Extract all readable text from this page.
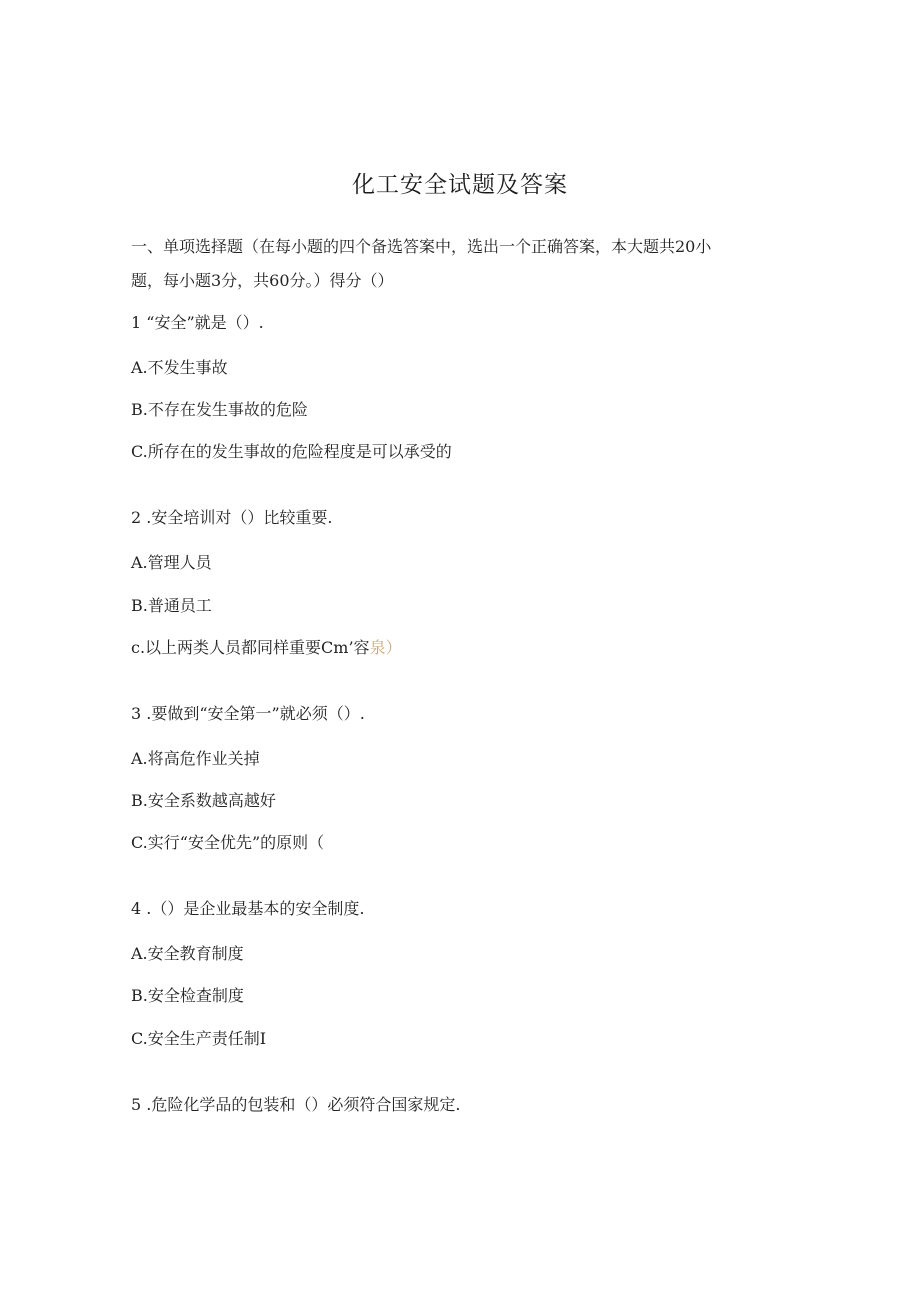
化工安全试题及答案
一、单项选择题（在每小题的四个备选答案中，选出一个正确答案，本大题共20小
题，每小题3分，共60分。）得分（）
1 “安全”就是（）.
A.不发生事故
B.不存在发生事故的危险
C.所存在的发生事故的危险程度是可以承受的
2 .安全培训对（）比较重要.
A.管理人员
B.普通员工
c.以上两类人员都同样重要Cm’容泉）
3 .要做到“安全第一”就必须（）.
A.将高危作业关掉
B.安全系数越高越好
C.实行“安全优先”的原则（
4 .（）是企业最基本的安全制度.
A.安全教育制度
B.安全检查制度
C.安全生产责任制I
5 .危险化学品的包装和（）必须符合国家规定.
